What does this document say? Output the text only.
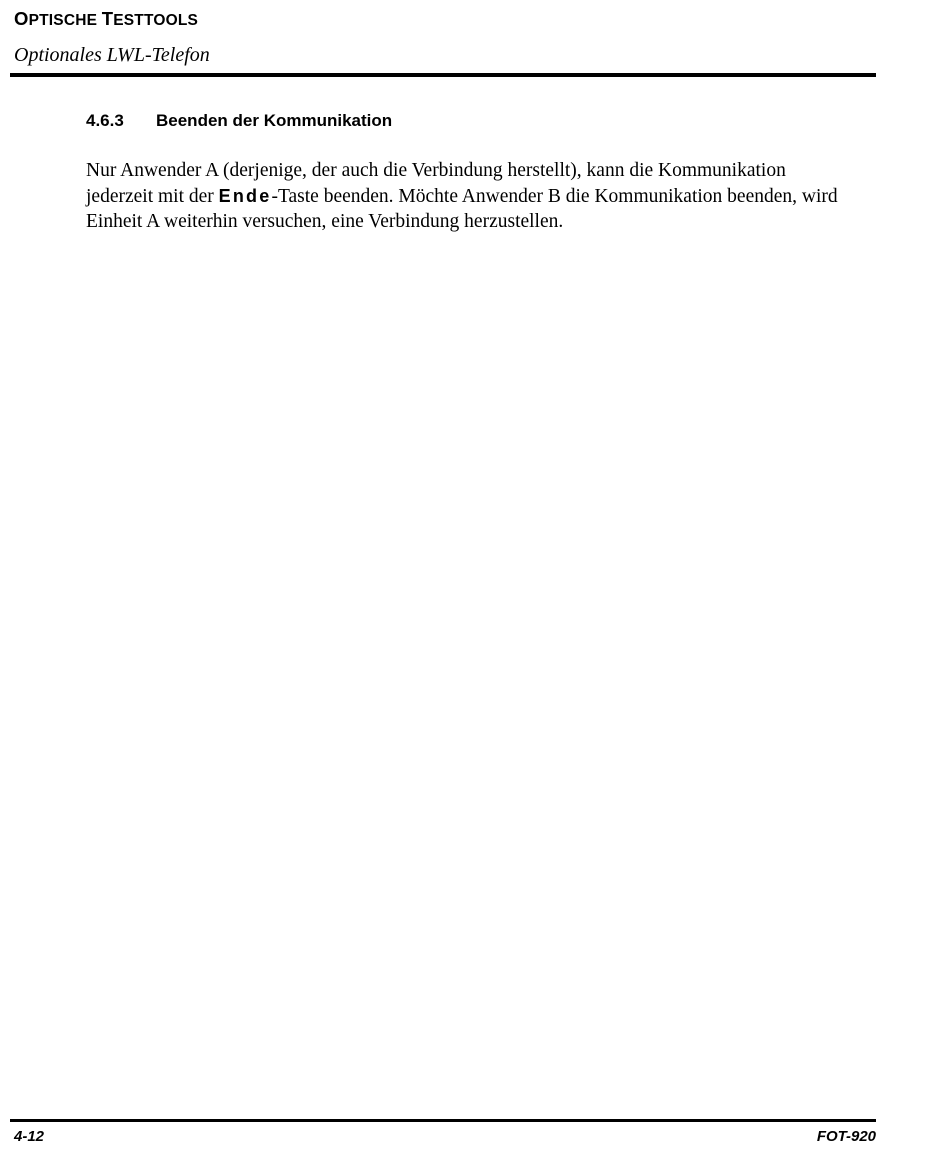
OPTISCHE TESTTOOLS
Optionales LWL-Telefon
4.6.3 Beenden der Kommunikation
Nur Anwender A (derjenige, der auch die Verbindung herstellt), kann die Kommunikation jederzeit mit der Ende-Taste beenden. Möchte Anwender B die Kommunikation beenden, wird Einheit A weiterhin versuchen, eine Verbindung herzustellen.
4-12	FOT-920
